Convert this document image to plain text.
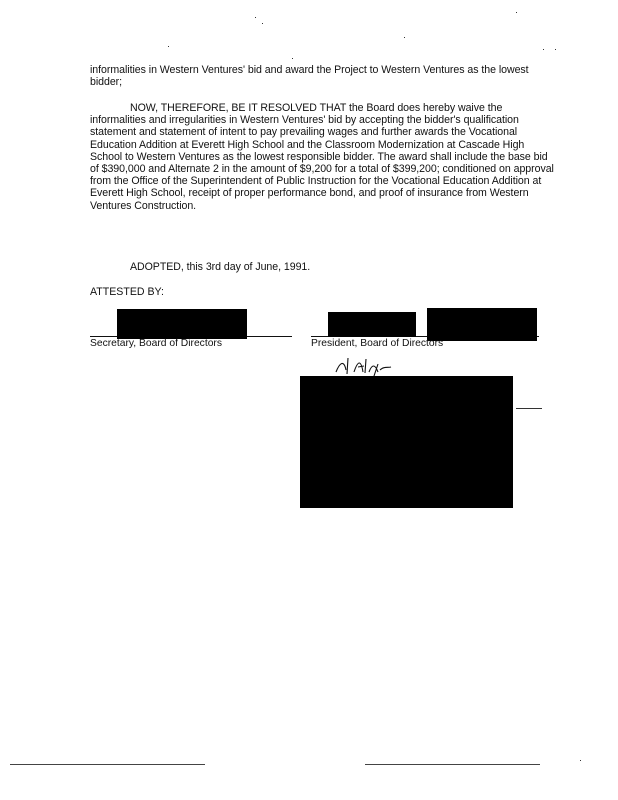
informalities in Western Ventures' bid and award the Project to Western Ventures as the lowest bidder;

NOW, THEREFORE, BE IT RESOLVED THAT the Board does hereby waive the informalities and irregularities in Western Ventures' bid by accepting the bidder's qualification statement and statement of intent to pay prevailing wages and further awards the Vocational Education Addition at Everett High School and the Classroom Modernization at Cascade High School to Western Ventures as the lowest responsible bidder. The award shall include the base bid of $390,000 and Alternate 2 in the amount of $9,200 for a total of $399,200; conditioned on approval from the Office of the Superintendent of Public Instruction for the Vocational Education Addition at Everett High School, receipt of proper performance bond, and proof of insurance from Western Ventures Construction.

ADOPTED, this 3rd day of June, 1991.

ATTESTED BY:
Secretary, Board of Directors	President, Board of Directors
